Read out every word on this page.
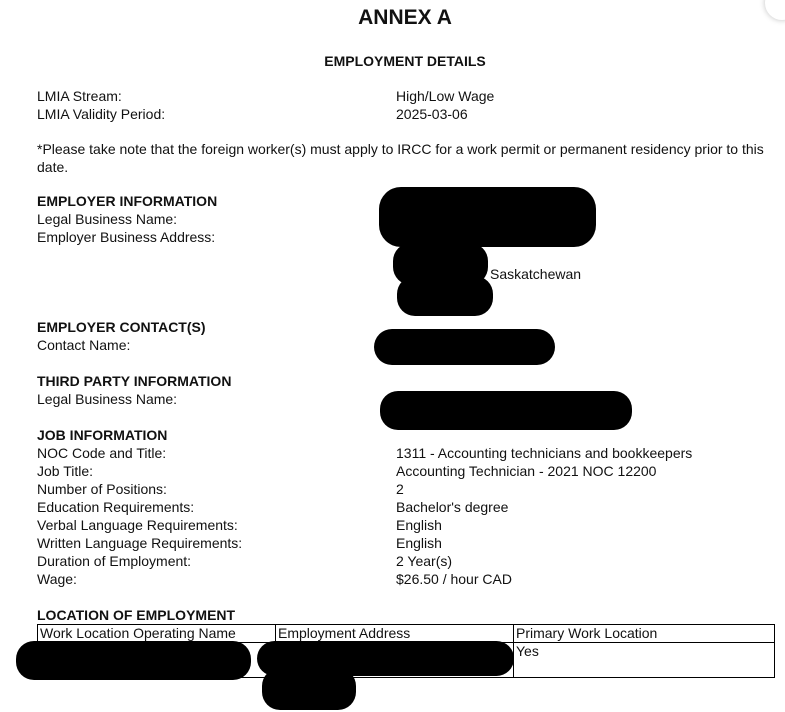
ANNEX A
EMPLOYMENT DETAILS
LMIA Stream:	High/Low Wage
LMIA Validity Period:	2025-03-06
*Please take note that the foreign worker(s) must apply to IRCC for a work permit or permanent residency prior to this date.
EMPLOYER INFORMATION
Legal Business Name:
Employer Business Address:
Saskatchewan
EMPLOYER CONTACT(S)
Contact Name:
THIRD PARTY INFORMATION
Legal Business Name:
JOB INFORMATION
NOC Code and Title:	1311 - Accounting technicians and bookkeepers
Job Title:	Accounting Technician - 2021 NOC 12200
Number of Positions:	2
Education Requirements:	Bachelor's degree
Verbal Language Requirements:	English
Written Language Requirements:	English
Duration of Employment:	2 Year(s)
Wage:	$26.50 / hour CAD
LOCATION OF EMPLOYMENT
Work Location Operating Name	Employment Address	Primary Work Location
		Yes
